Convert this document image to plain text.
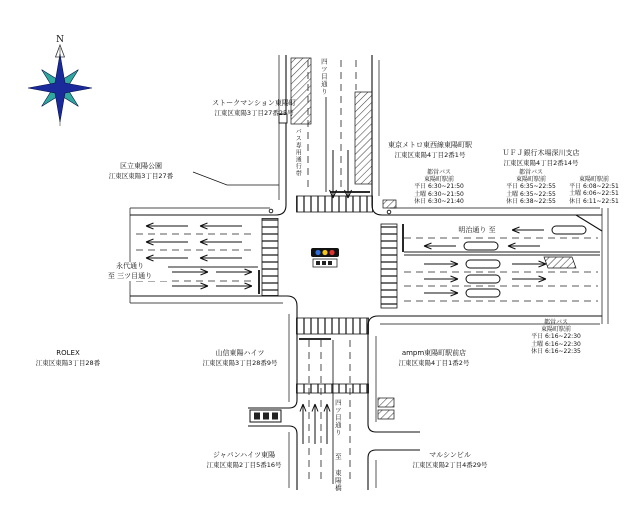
N
ストークマンション東陽町
江東区東陽3丁目27番25号
区立東陽公園
江東区東陽3丁目27番
東京メトロ東西線東陽町駅
江東区東陽4丁目2番1号	ＵＦＪ銀行木場深川支店
江東区東陽4丁目2番14号
ROLEX
江東区東陽3丁目28番
山信東陽ハイツ
江東区東陽3丁目28番9号
ampm東陽町駅前店
江東区東陽4丁目1番2号
ジャパンハイツ東陽
江東区東陽2丁目5番16号
マルシンビル
江東区東陽2丁目4番29号
都営バス
東陽町駅前
平日 6:30~21:50
土曜 6:30~21:50
休日 6:30~21:40
都営バス
東陽町駅前
平日 6:35~22:55
土曜 6:35~22:55
休日 6:38~22:55
東陽町駅前
平日 6:08~22:51
土曜 6:06~22:51
休日 6:11~22:51
都営バス
東陽町駅前
平日 6:16~22:30
土曜 6:16~22:30
休日 6:16~22:35
永代通り
至 三ツ目通り
明治通り 至
四ツ目通り
バス専用通行帯
四ツ目通り
至 東陽橋
